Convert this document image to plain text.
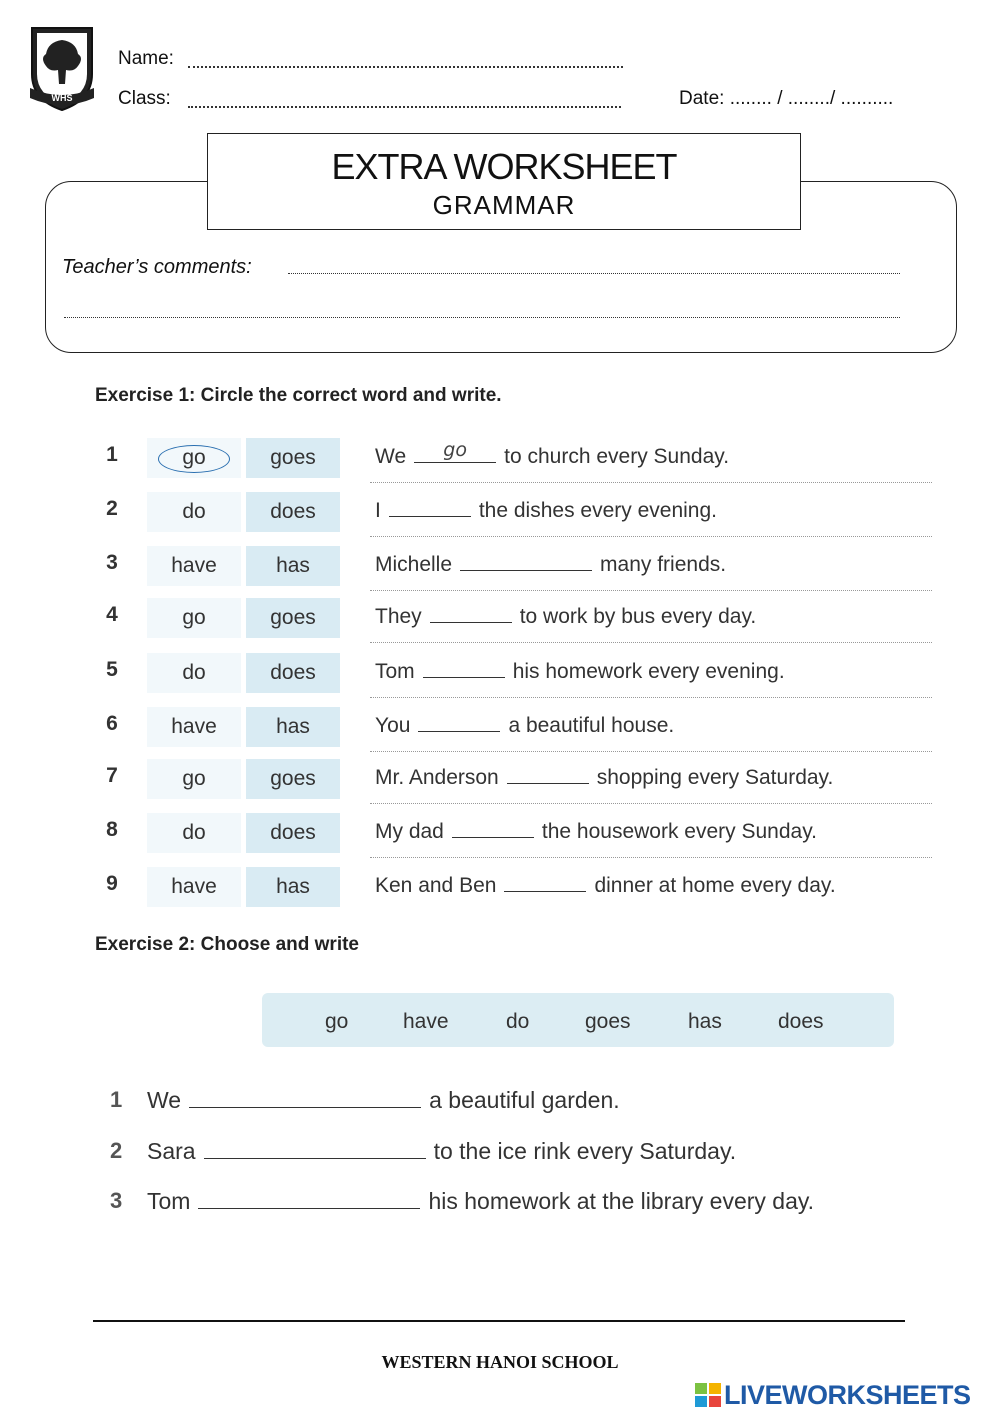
WHS
Name:
Class:	Date: ........ / ......../ ..........
EXTRA WORKSHEET
GRAMMAR
Teacher’s comments:
Exercise 1: Circle the correct word and write.
1	go	goes	We	go	to church every Sunday.
2	do	does	I	the dishes every evening.
3	have	has	Michelle	many friends.
4	go	goes	They	to work by bus every day.
5	do	does	Tom	his homework every evening.
6	have	has	You	a beautiful house.
7	go	goes	Mr. Anderson	shopping every Saturday.
8	do	does	My dad	the housework every Sunday.
9	have	has	Ken and Ben	dinner at home every day.
Exercise 2: Choose and write
go	have	do	goes	has	does
1 We	a beautiful garden.
2 Sara	to the ice rink every Saturday.
3 Tom	his homework at the library every day.
WESTERN HANOI SCHOOL
LIVEWORKSHEETS
